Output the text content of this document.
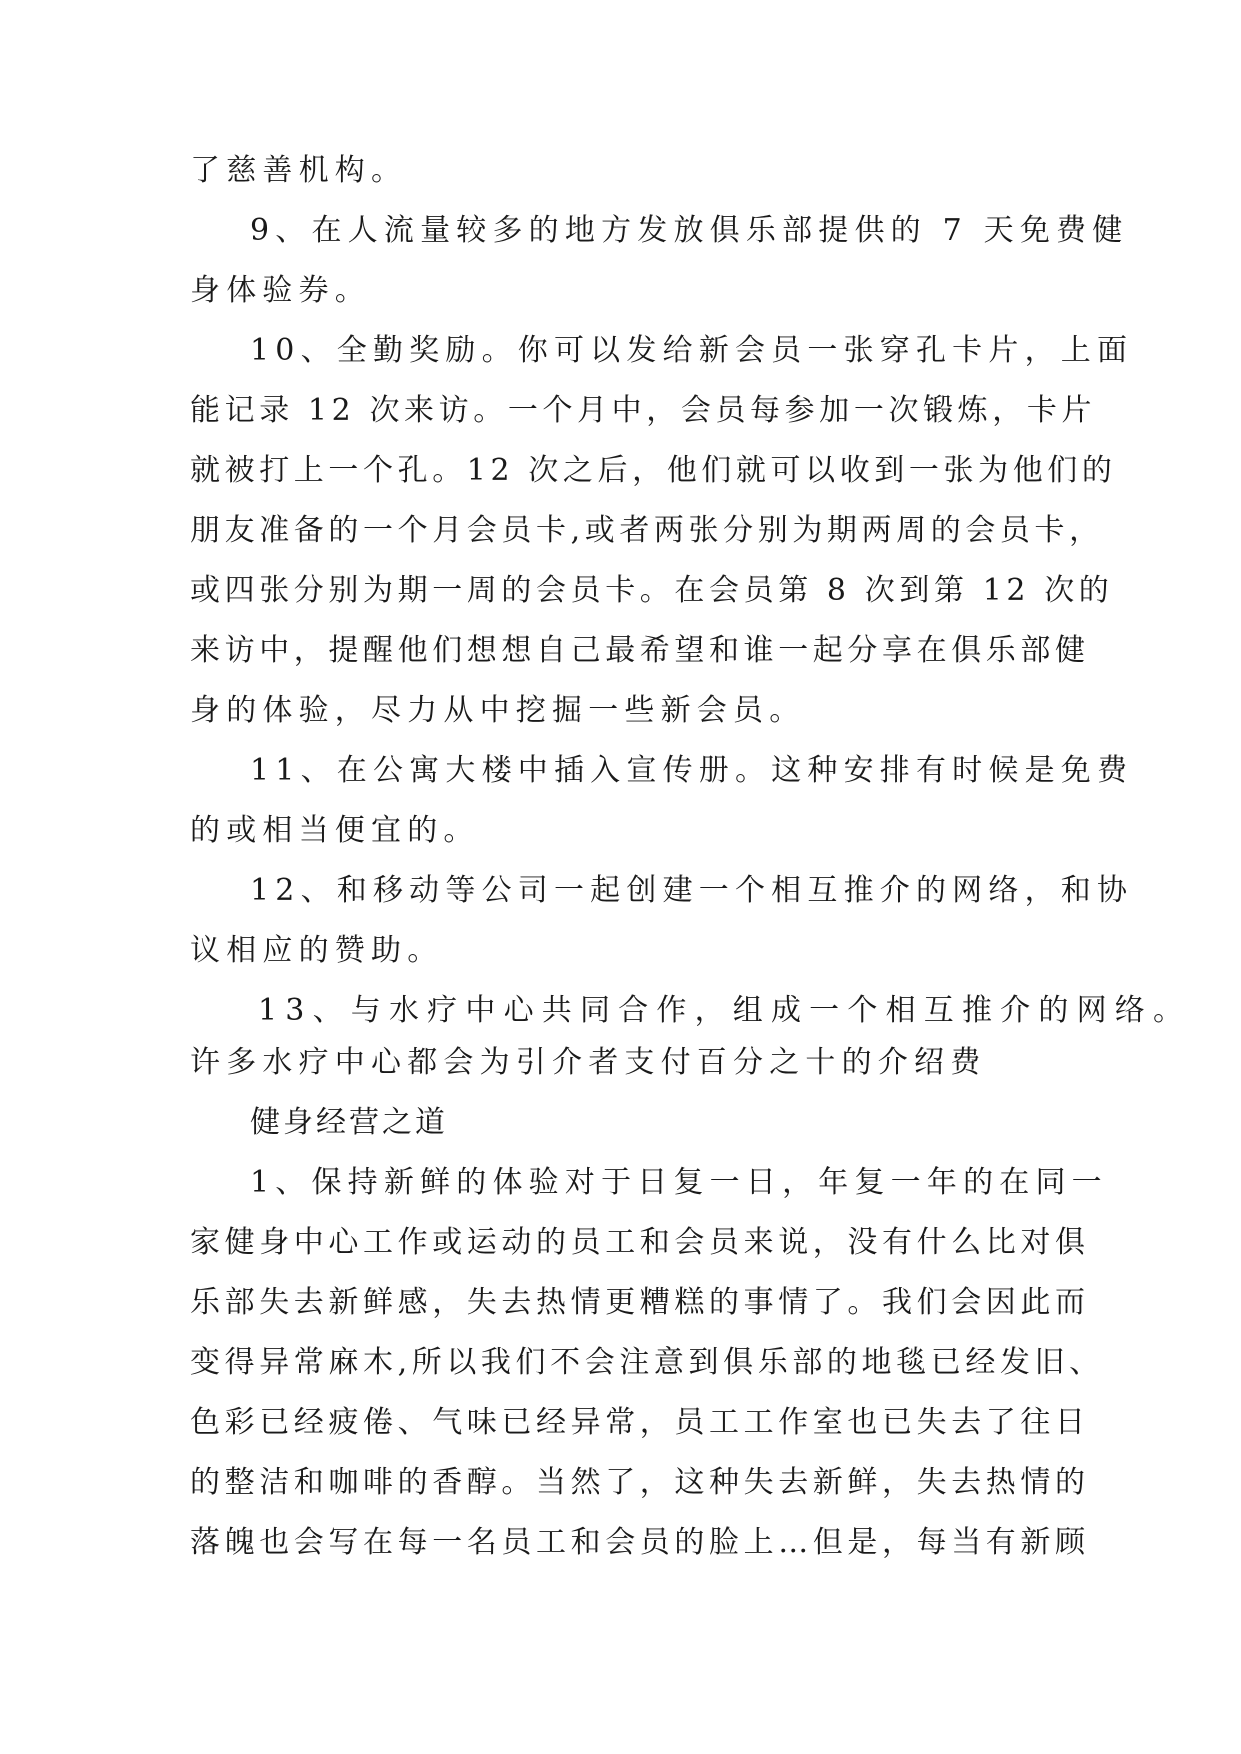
了慈善机构。
9、在人流量较多的地方发放俱乐部提供的 7 天免费健
身体验券。
10、全勤奖励。你可以发给新会员一张穿孔卡片，上面
能记录 12 次来访。一个月中，会员每参加一次锻炼，卡片
就被打上一个孔。12 次之后，他们就可以收到一张为他们的
朋友准备的一个月会员卡,或者两张分别为期两周的会员卡，
或四张分别为期一周的会员卡。在会员第 8 次到第 12 次的
来访中，提醒他们想想自己最希望和谁一起分享在俱乐部健
身的体验，尽力从中挖掘一些新会员。
11、在公寓大楼中插入宣传册。这种安排有时候是免费
的或相当便宜的。
12、和移动等公司一起创建一个相互推介的网络，和协
议相应的赞助。
13、与水疗中心共同合作，组成一个相互推介的网络。
许多水疗中心都会为引介者支付百分之十的介绍费
健身经营之道
1、保持新鲜的体验对于日复一日，年复一年的在同一
家健身中心工作或运动的员工和会员来说，没有什么比对俱
乐部失去新鲜感，失去热情更糟糕的事情了。我们会因此而
变得异常麻木,所以我们不会注意到俱乐部的地毯已经发旧、
色彩已经疲倦、气味已经异常，员工工作室也已失去了往日
的整洁和咖啡的香醇。当然了，这种失去新鲜，失去热情的
落魄也会写在每一名员工和会员的脸上…但是，每当有新顾
